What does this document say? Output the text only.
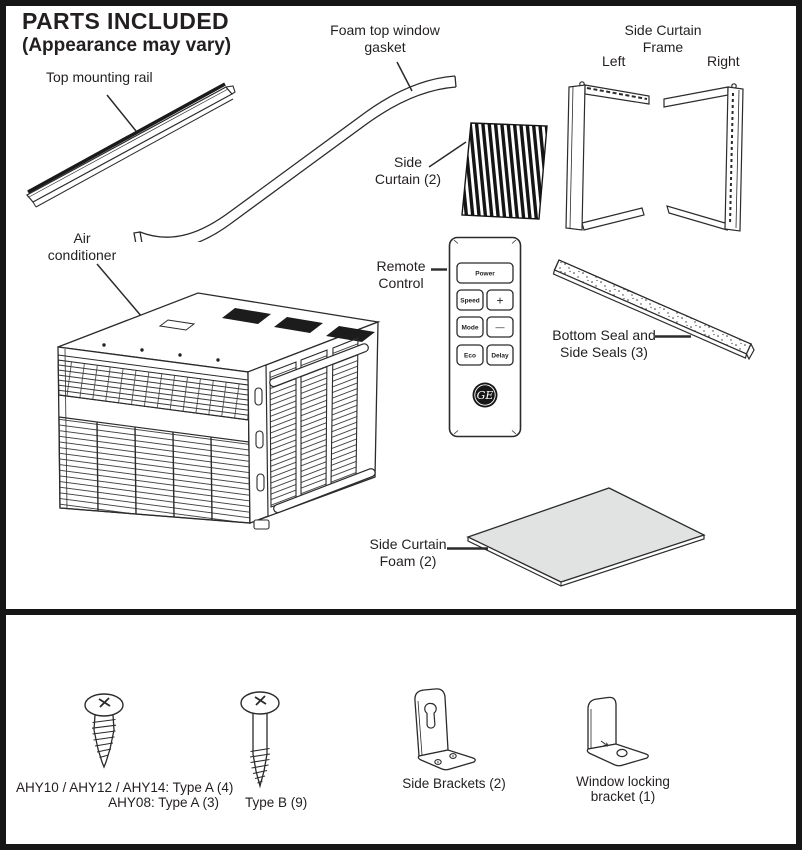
PARTS INCLUDED
(Appearance may vary)
Top mounting rail
Foam top window
gasket
Side
Curtain (2)
Side Curtain
Frame
Left	Right
Air
conditioner
Remote
Control
Bottom Seal and
Side Seals (3)
Side Curtain
Foam (2)
AHY10 / AHY12 / AHY14: Type A (4)
AHY08: Type A (3) Type B (9)
Side Brackets (2)	Window locking
bracket (1)
Power
Speed +
Mode —
Eco Delay
GE
